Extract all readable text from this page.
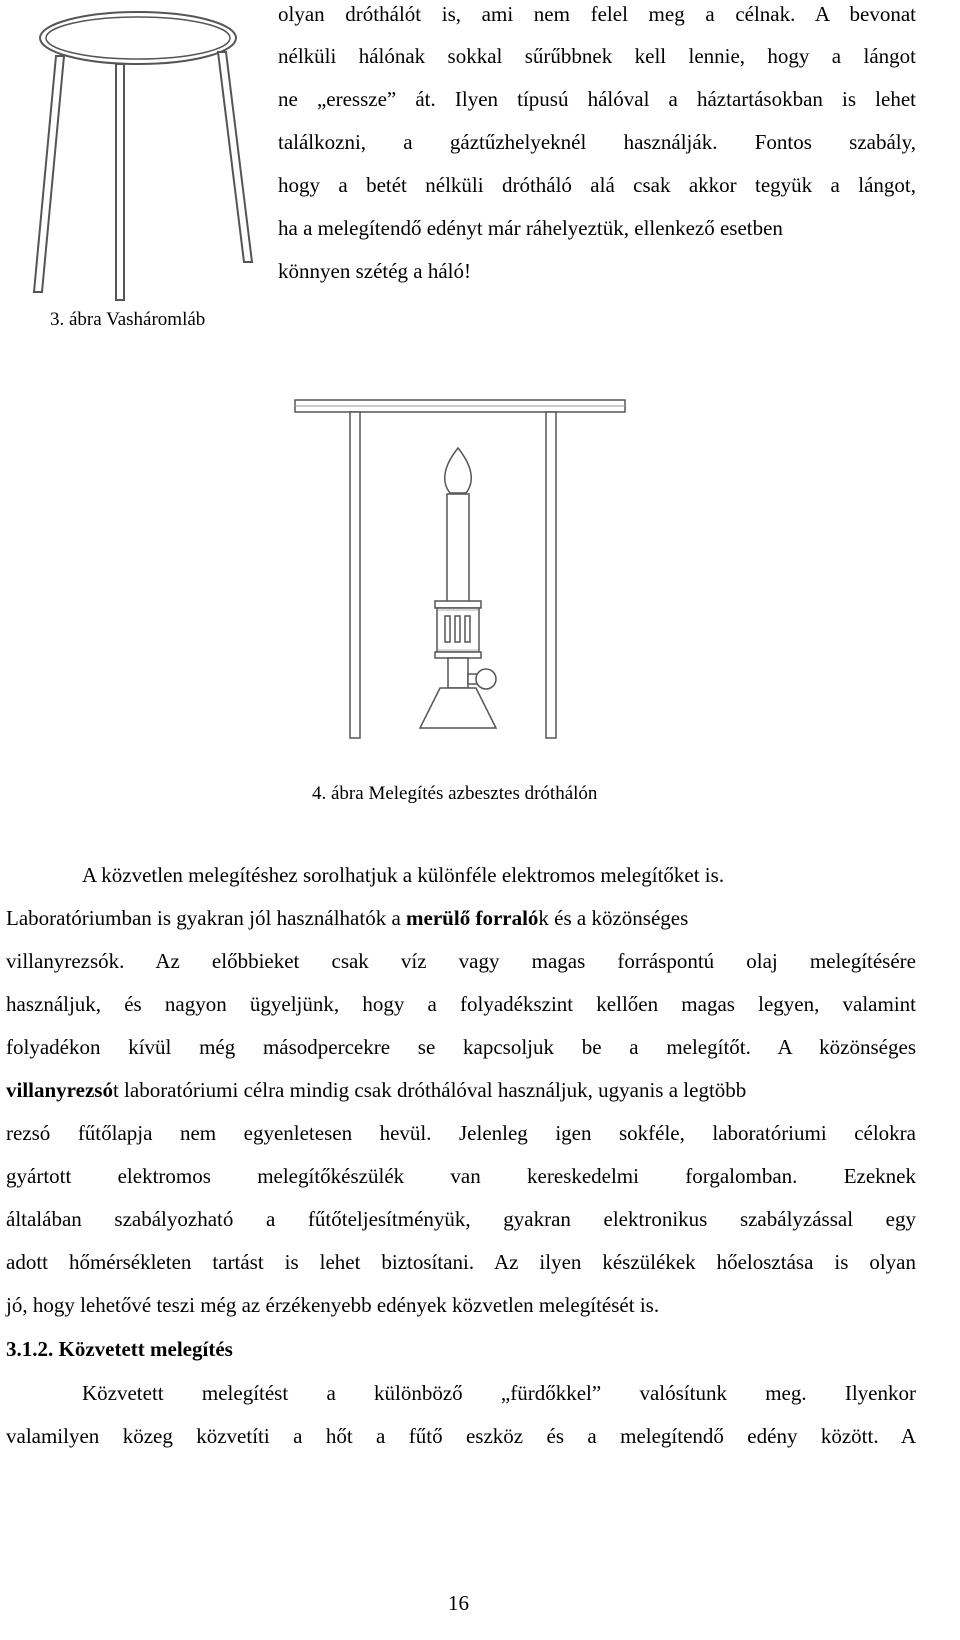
3. ábra Vasháromláb
olyan dróthálót is, ami nem felel meg a célnak. A bevonat
nélküli hálónak sokkal sűrűbbnek kell lennie, hogy a lángot
ne „eressze” át. Ilyen típusú hálóval a háztartásokban is lehet
találkozni, a gáztűzhelyeknél használják. Fontos szabály,
hogy a betét nélküli drótháló alá csak akkor tegyük a lángot,
ha a melegítendő edényt már ráhelyeztük, ellenkező esetben
könnyen szétég a háló!
4. ábra Melegítés azbesztes dróthálón
A közvetlen melegítéshez sorolhatjuk a különféle elektromos melegítőket is.
Laboratóriumban is gyakran jól használhatók a merülő forralók és a közönséges
villanyrezsók. Az előbbieket csak víz vagy magas forráspontú olaj melegítésére
használjuk, és nagyon ügyeljünk, hogy a folyadékszint kellően magas legyen, valamint
folyadékon kívül még másodpercekre se kapcsoljuk be a melegítőt. A közönséges
villanyrezsót laboratóriumi célra mindig csak dróthálóval használjuk, ugyanis a legtöbb
rezsó fűtőlapja nem egyenletesen hevül. Jelenleg igen sokféle, laboratóriumi célokra
gyártott elektromos melegítőkészülék van kereskedelmi forgalomban. Ezeknek
általában szabályozható a fűtőteljesítményük, gyakran elektronikus szabályzással egy
adott hőmérsékleten tartást is lehet biztosítani. Az ilyen készülékek hőelosztása is olyan
jó, hogy lehetővé teszi még az érzékenyebb edények közvetlen melegítését is.
3.1.2. Közvetett melegítés
Közvetett melegítést a különböző „fürdőkkel” valósítunk meg. Ilyenkor
valamilyen közeg közvetíti a hőt a fűtő eszköz és a melegítendő edény között. A
16
